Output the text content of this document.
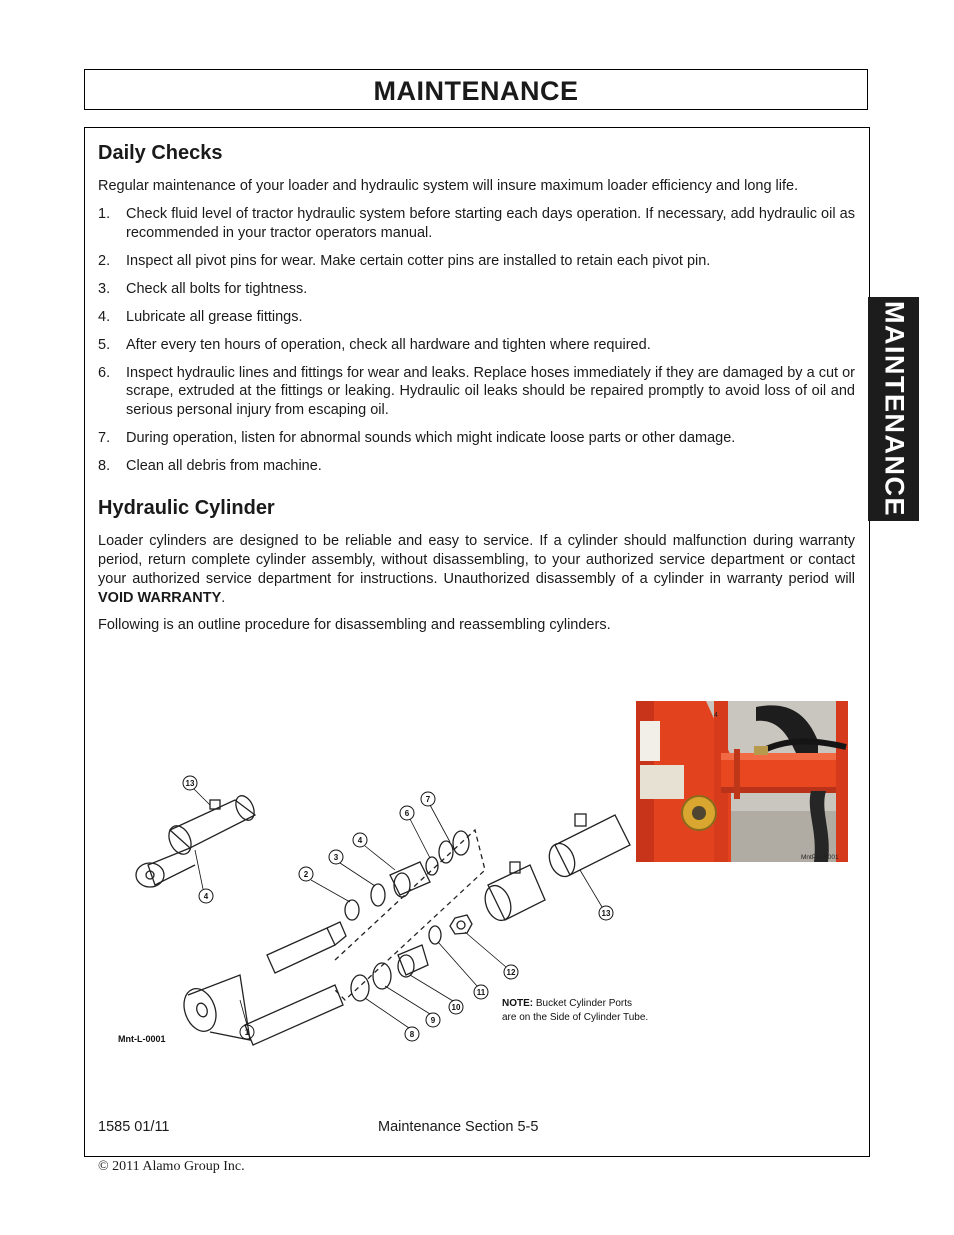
MAINTENANCE
MAINTENANCE
Daily Checks

Regular maintenance of your loader and hydraulic system will insure maximum loader efficiency and long life.

1. Check fluid level of tractor hydraulic system before starting each days operation. If necessary, add hydraulic oil as recommended in your tractor operators manual.
2. Inspect all pivot pins for wear. Make certain cotter pins are installed to retain each pivot pin.
3. Check all bolts for tightness.
4. Lubricate all grease fittings.
5. After every ten hours of operation, check all hardware and tighten where required.
6. Inspect hydraulic lines and fittings for wear and leaks. Replace hoses immediately if they are damaged by a cut or scrape, extruded at the fittings or leaking. Hydraulic oil leaks should be repaired promptly to avoid loss of oil and serious personal injury from escaping oil.
7. During operation, listen for abnormal sounds which might indicate loose parts or other damage.
8. Clean all debris from machine.
Hydraulic Cylinder

Loader cylinders are designed to be reliable and easy to service. If a cylinder should malfunction during warranty period, return complete cylinder assembly, without disassembling, to your authorized service department or contact your authorized service department for instructions. Unauthorized disassembly of a cylinder in warranty period will VOID WARRANTY.

Following is an outline procedure for disassembling and reassembling cylinders.

4
MntP-L-0001
13
4
2
3
4
6
7
1	8
9
10
11
12
13
NOTE: Bucket Cylinder Ports
are on the Side of Cylinder Tube.
Mnt-L-0001
1585 01/11	Maintenance Section 5-5
© 2011 Alamo Group Inc.
